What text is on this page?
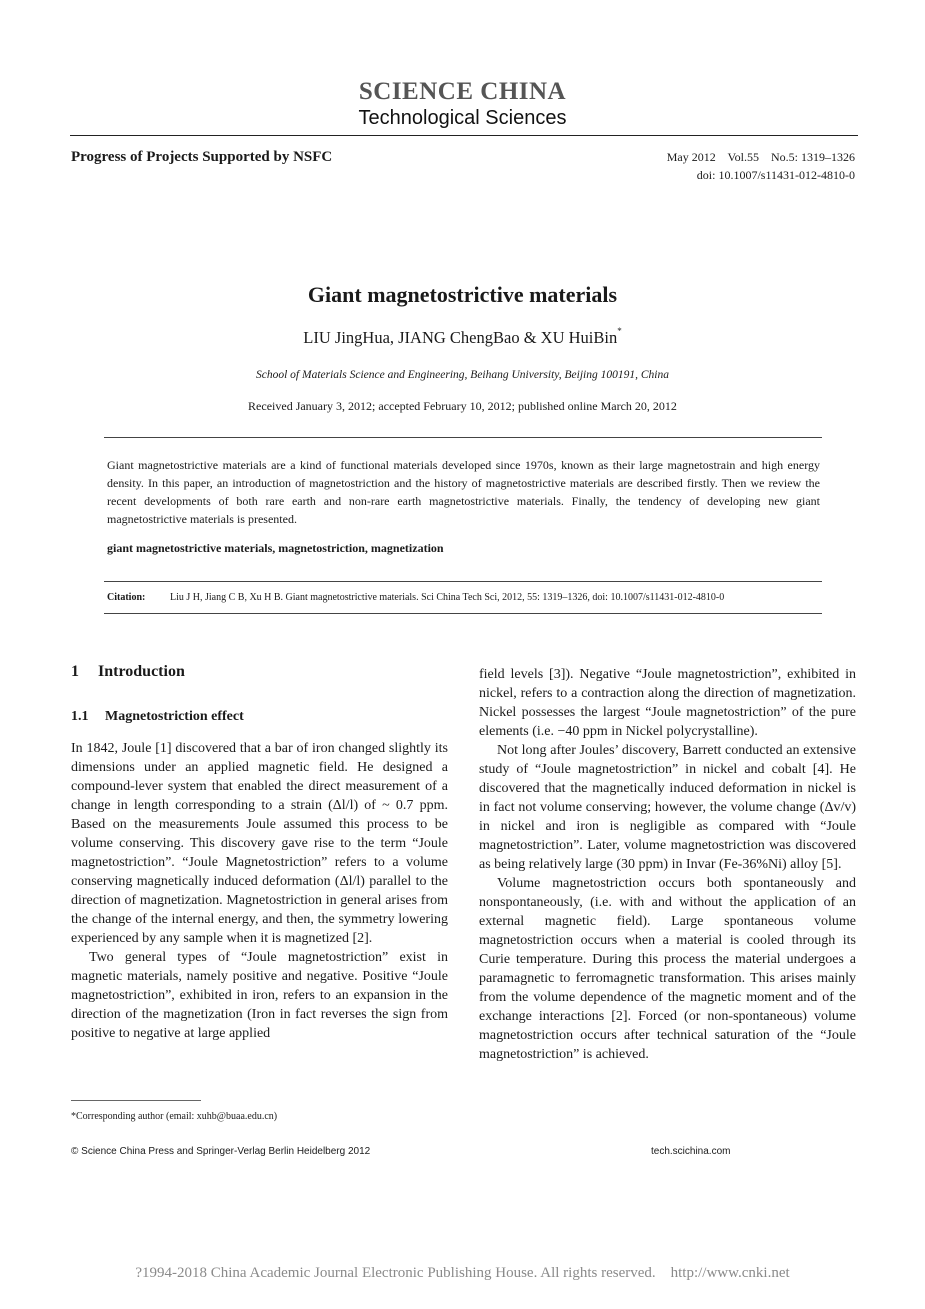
SCIENCE CHINA
Technological Sciences
Progress of Projects Supported by NSFC	May 2012    Vol.55    No.5: 1319–1326
doi: 10.1007/s11431-012-4810-0
Giant magnetostrictive materials
LIU JingHua, JIANG ChengBao & XU HuiBin*
School of Materials Science and Engineering, Beihang University, Beijing 100191, China
Received January 3, 2012; accepted February 10, 2012; published online March 20, 2012
Giant magnetostrictive materials are a kind of functional materials developed since 1970s, known as their large magnetostrain and high energy density. In this paper, an introduction of magnetostriction and the history of magnetostrictive materials are described firstly. Then we review the recent developments of both rare earth and non-rare earth magnetostrictive materials. Finally, the tendency of developing new giant magnetostrictive materials is presented.
giant magnetostrictive materials, magnetostriction, magnetization
Citation: Liu J H, Jiang C B, Xu H B. Giant magnetostrictive materials. Sci China Tech Sci, 2012, 55: 1319–1326, doi: 10.1007/s11431-012-4810-0
1 Introduction
1.1 Magnetostriction effect

In 1842, Joule [1] discovered that a bar of iron changed slightly its dimensions under an applied magnetic field. He designed a compound-lever system that enabled the direct measurement of a change in length corresponding to a strain (Δl/l) of ~ 0.7 ppm. Based on the measurements Joule assumed this process to be volume conserving. This discovery gave rise to the term “Joule magnetostriction”. “Joule Magnetostriction” refers to a volume conserving magnetically induced deformation (Δl/l) parallel to the direction of magnetization. Magnetostriction in general arises from the change of the internal energy, and then, the symmetry lowering experienced by any sample when it is magnetized [2].

Two general types of “Joule magnetostriction” exist in magnetic materials, namely positive and negative. Positive “Joule magnetostriction”, exhibited in iron, refers to an expansion in the direction of the magnetization (Iron in fact reverses the sign from positive to negative at large applied

field levels [3]). Negative “Joule magnetostriction”, exhibited in nickel, refers to a contraction along the direction of magnetization. Nickel possesses the largest “Joule magnetostriction” of the pure elements (i.e. −40 ppm in Nickel polycrystalline).

Not long after Joules’ discovery, Barrett conducted an extensive study of “Joule magnetostriction” in nickel and cobalt [4]. He discovered that the magnetically induced deformation in nickel is in fact not volume conserving; however, the volume change (Δv/v) in nickel and iron is negligible as compared with “Joule magnetostriction”. Later, volume magnetostriction was discovered as being relatively large (30 ppm) in Invar (Fe-36%Ni) alloy [5].

Volume magnetostriction occurs both spontaneously and nonspontaneously, (i.e. with and without the application of an external magnetic field). Large spontaneous volume magnetostriction occurs when a material is cooled through its Curie temperature. During this process the material undergoes a paramagnetic to ferromagnetic transformation. This arises mainly from the volume dependence of the magnetic moment and of the exchange interactions [2]. Forced (or non-spontaneous) volume magnetostriction occurs after technical saturation of the “Joule magnetostriction” is achieved.

*Corresponding author (email: xuhb@buaa.edu.cn)
© Science China Press and Springer-Verlag Berlin Heidelberg 2012	tech.scichina.com
?1994-2018 China Academic Journal Electronic Publishing House. All rights reserved.    http://www.cnki.net
